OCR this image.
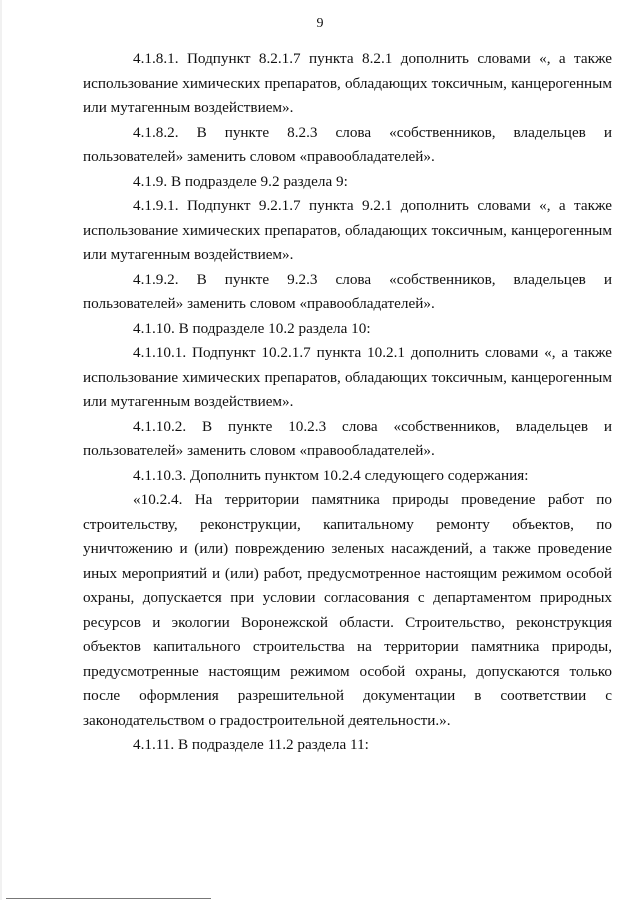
9

4.1.8.1. Подпункт 8.2.1.7 пункта 8.2.1 дополнить словами «, а также использование химических препаратов, обладающих токсичным, канцерогенным или мутагенным воздействием».

4.1.8.2. В пункте 8.2.3 слова «собственников, владельцев и пользователей» заменить словом «правообладателей».

4.1.9. В подразделе 9.2 раздела 9:

4.1.9.1. Подпункт 9.2.1.7 пункта 9.2.1 дополнить словами «, а также использование химических препаратов, обладающих токсичным, канцерогенным или мутагенным воздействием».

4.1.9.2. В пункте 9.2.3 слова «собственников, владельцев и пользователей» заменить словом «правообладателей».

4.1.10. В подразделе 10.2 раздела 10:

4.1.10.1. Подпункт 10.2.1.7 пункта 10.2.1 дополнить словами «, а также использование химических препаратов, обладающих токсичным, канцерогенным или мутагенным воздействием».

4.1.10.2. В пункте 10.2.3 слова «собственников, владельцев и пользователей» заменить словом «правообладателей».

4.1.10.3. Дополнить пунктом 10.2.4 следующего содержания:

«10.2.4. На территории памятника природы проведение работ по строительству, реконструкции, капитальному ремонту объектов, по уничтожению и (или) повреждению зеленых насаждений, а также проведение иных мероприятий и (или) работ, предусмотренное настоящим режимом особой охраны, допускается при условии согласования с департаментом природных ресурсов и экологии Воронежской области. Строительство, реконструкция объектов капитального строительства на территории памятника природы, предусмотренные настоящим режимом особой охраны, допускаются только после оформления разрешительной документации в соответствии с законодательством о градостроительной деятельности.».

4.1.11. В подразделе 11.2 раздела 11:
